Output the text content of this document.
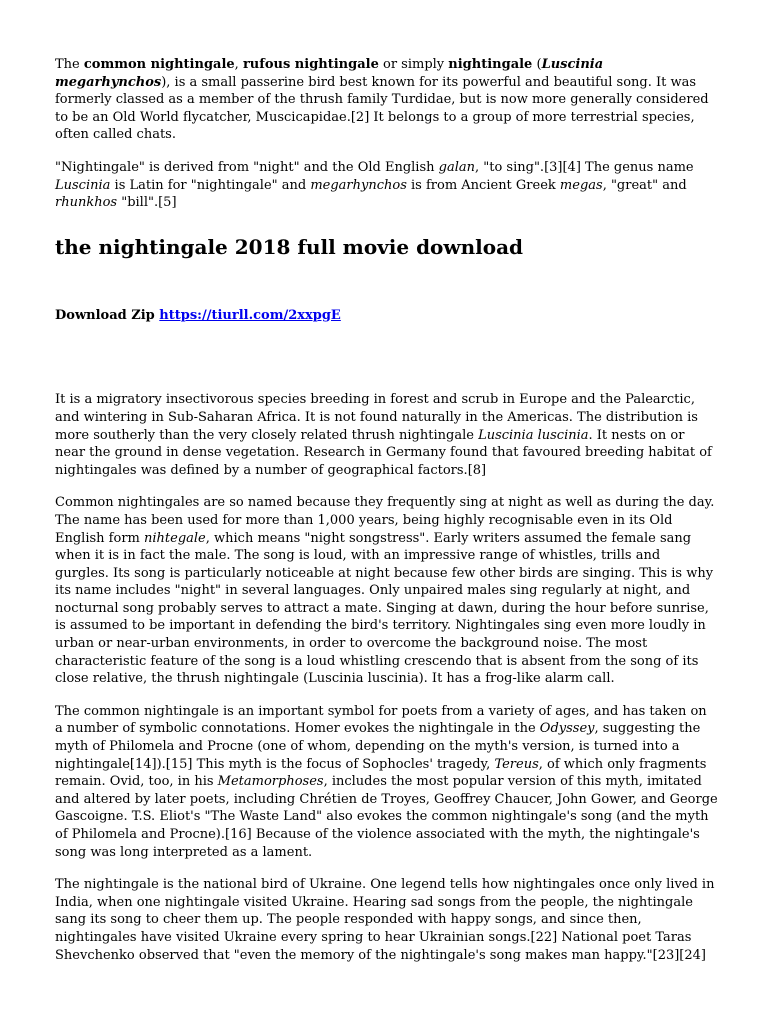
The common nightingale, rufous nightingale or simply nightingale (Luscinia megarhynchos), is a small passerine bird best known for its powerful and beautiful song. It was formerly classed as a member of the thrush family Turdidae, but is now more generally considered to be an Old World flycatcher, Muscicapidae.[2] It belongs to a group of more terrestrial species, often called chats.

"Nightingale" is derived from "night" and the Old English galan, "to sing".[3][4] The genus name Luscinia is Latin for "nightingale" and megarhynchos is from Ancient Greek megas, "great" and rhunkhos "bill".[5]

the nightingale 2018 full movie download
Download Zip https://tiurll.com/2xxpgE

It is a migratory insectivorous species breeding in forest and scrub in Europe and the Palearctic, and wintering in Sub-Saharan Africa. It is not found naturally in the Americas. The distribution is more southerly than the very closely related thrush nightingale Luscinia luscinia. It nests on or near the ground in dense vegetation. Research in Germany found that favoured breeding habitat of nightingales was defined by a number of geographical factors.[8]

Common nightingales are so named because they frequently sing at night as well as during the day. The name has been used for more than 1,000 years, being highly recognisable even in its Old English form nihtegale, which means "night songstress". Early writers assumed the female sang when it is in fact the male. The song is loud, with an impressive range of whistles, trills and gurgles. Its song is particularly noticeable at night because few other birds are singing. This is why its name includes "night" in several languages. Only unpaired males sing regularly at night, and nocturnal song probably serves to attract a mate. Singing at dawn, during the hour before sunrise, is assumed to be important in defending the bird's territory. Nightingales sing even more loudly in urban or near-urban environments, in order to overcome the background noise. The most characteristic feature of the song is a loud whistling crescendo that is absent from the song of its close relative, the thrush nightingale (Luscinia luscinia). It has a frog-like alarm call.

The common nightingale is an important symbol for poets from a variety of ages, and has taken on a number of symbolic connotations. Homer evokes the nightingale in the Odyssey, suggesting the myth of Philomela and Procne (one of whom, depending on the myth's version, is turned into a nightingale[14]).[15] This myth is the focus of Sophocles' tragedy, Tereus, of which only fragments remain. Ovid, too, in his Metamorphoses, includes the most popular version of this myth, imitated and altered by later poets, including Chrétien de Troyes, Geoffrey Chaucer, John Gower, and George Gascoigne. T.S. Eliot's "The Waste Land" also evokes the common nightingale's song (and the myth of Philomela and Procne).[16] Because of the violence associated with the myth, the nightingale's song was long interpreted as a lament.

The nightingale is the national bird of Ukraine. One legend tells how nightingales once only lived in India, when one nightingale visited Ukraine. Hearing sad songs from the people, the nightingale sang its song to cheer them up. The people responded with happy songs, and since then, nightingales have visited Ukraine every spring to hear Ukrainian songs.[22] National poet Taras Shevchenko observed that "even the memory of the nightingale's song makes man happy."[23][24]
